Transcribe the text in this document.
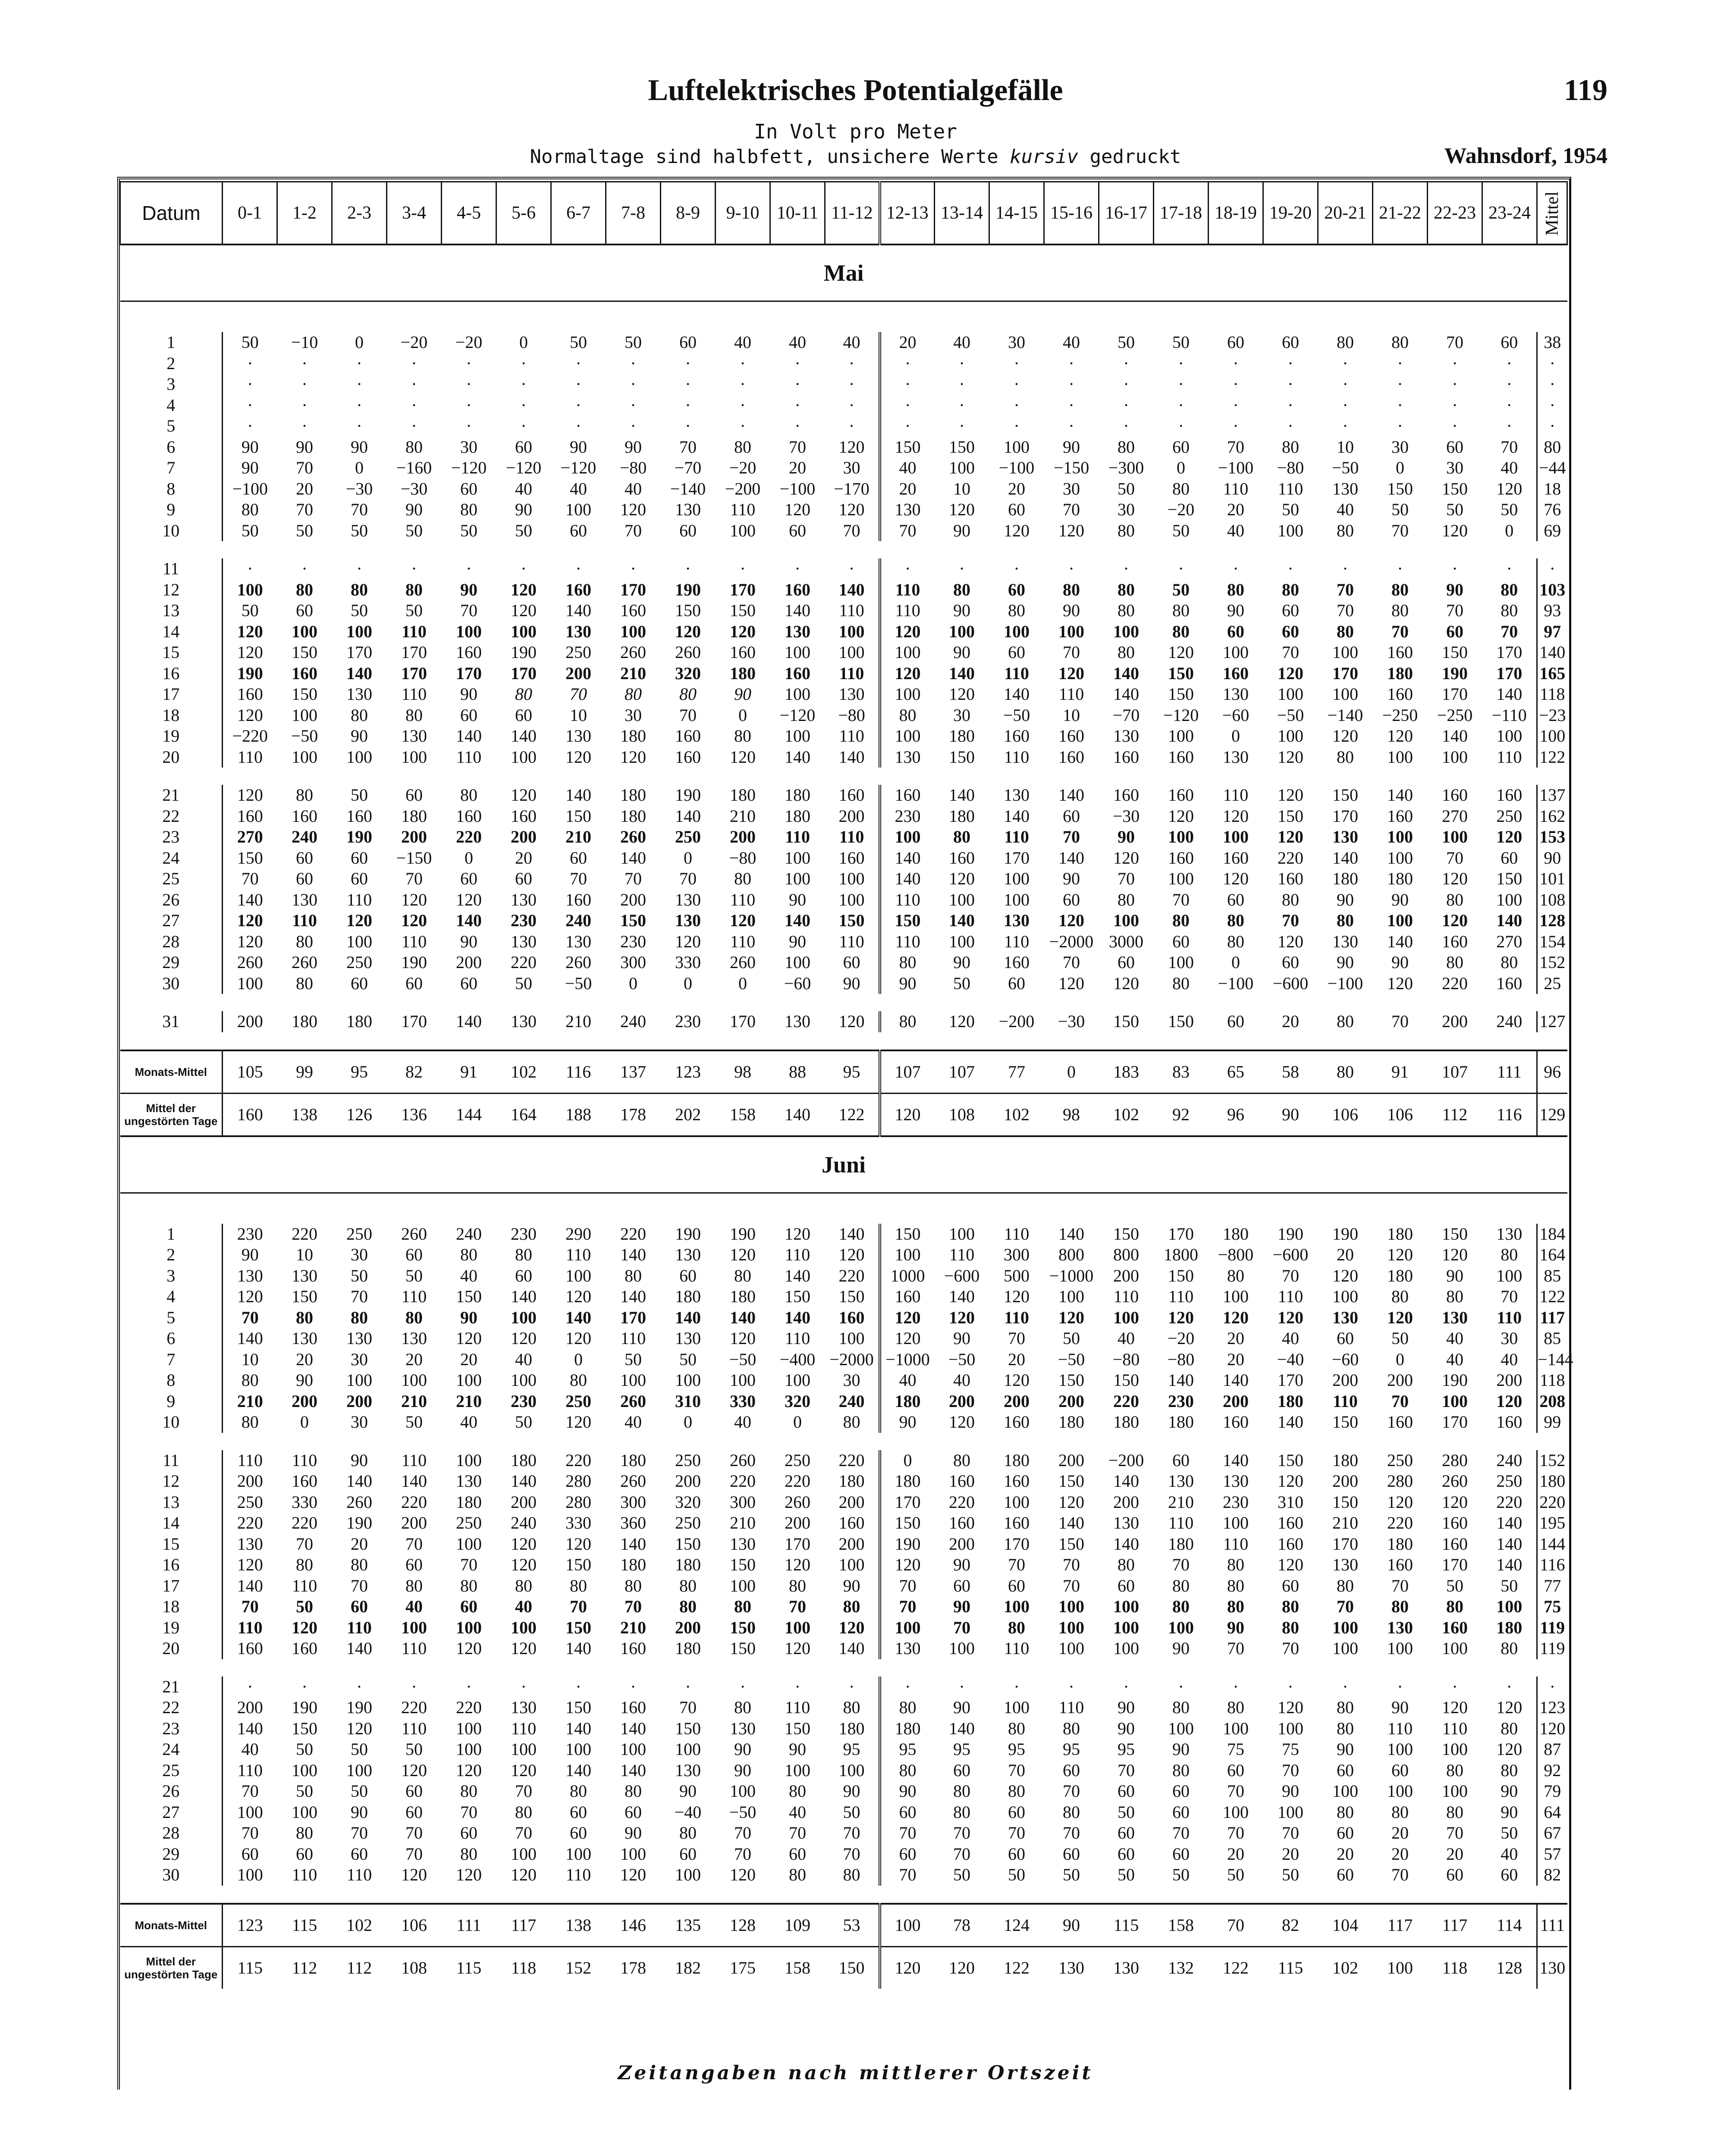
Luftelektrisches Potentialgefälle	119
In Volt pro Meter
Normaltage sind halbfett, unsichere Werte kursiv gedruckt	Wahnsdorf, 1954
Datum	0-1	1-2	2-3	3-4	4-5	5-6	6-7	7-8	8-9	9-10	10-11	11-12	12-13	13-14	14-15	15-16	16-17	17-18	18-19	19-20	20-21	21-22	22-23	23-24	Mittel
Mai																									

1	50	−10	0	−20	−20	0	50	50	60	40	40	40	20	40	30	40	50	50	60	60	80	80	70	60	38
2	·	·	·	·	·	·	·	·	·	·	·	·	·	·	·	·	·	·	·	·	·	·	·	·	·
3	·	·	·	·	·	·	·	·	·	·	·	·	·	·	·	·	·	·	·	·	·	·	·	·	·
4	·	·	·	·	·	·	·	·	·	·	·	·	·	·	·	·	·	·	·	·	·	·	·	·	·
5	·	·	·	·	·	·	·	·	·	·	·	·	·	·	·	·	·	·	·	·	·	·	·	·	·
6	90	90	90	80	30	60	90	90	70	80	70	120	150	150	100	90	80	60	70	80	10	30	60	70	80
7	90	70	0	−160	−120	−120	−120	−80	−70	−20	20	30	40	100	−100	−150	−300	0	−100	−80	−50	0	30	40	−44
8	−100	20	−30	−30	60	40	40	40	−140	−200	−100	−170	20	10	20	30	50	80	110	110	130	150	150	120	18
9	80	70	70	90	80	90	100	120	130	110	120	120	130	120	60	70	30	−20	20	50	40	50	50	50	76
10	50	50	50	50	50	50	60	70	60	100	60	70	70	90	120	120	80	50	40	100	80	70	120	0	69

11	·	·	·	·	·	·	·	·	·	·	·	·	·	·	·	·	·	·	·	·	·	·	·	·	·
12	100	80	80	80	90	120	160	170	190	170	160	140	110	80	60	80	80	50	80	80	70	80	90	80	103
13	50	60	50	50	70	120	140	160	150	150	140	110	110	90	80	90	80	80	90	60	70	80	70	80	93
14	120	100	100	110	100	100	130	100	120	120	130	100	120	100	100	100	100	80	60	60	80	70	60	70	97
15	120	150	170	170	160	190	250	260	260	160	100	100	100	90	60	70	80	120	100	70	100	160	150	170	140
16	190	160	140	170	170	170	200	210	320	180	160	110	120	140	110	120	140	150	160	120	170	180	190	170	165
17	160	150	130	110	90	80	70	80	80	90	100	130	100	120	140	110	140	150	130	100	100	160	170	140	118
18	120	100	80	80	60	60	10	30	70	0	−120	−80	80	30	−50	10	−70	−120	−60	−50	−140	−250	−250	−110	−23
19	−220	−50	90	130	140	140	130	180	160	80	100	110	100	180	160	160	130	100	0	100	120	120	140	100	100
20	110	100	100	100	110	100	120	120	160	120	140	140	130	150	110	160	160	160	130	120	80	100	100	110	122

21	120	80	50	60	80	120	140	180	190	180	180	160	160	140	130	140	160	160	110	120	150	140	160	160	137
22	160	160	160	180	160	160	150	180	140	210	180	200	230	180	140	60	−30	120	120	150	170	160	270	250	162
23	270	240	190	200	220	200	210	260	250	200	110	110	100	80	110	70	90	100	100	120	130	100	100	120	153
24	150	60	60	−150	0	20	60	140	0	−80	100	160	140	160	170	140	120	160	160	220	140	100	70	60	90
25	70	60	60	70	60	60	70	70	70	80	100	100	140	120	100	90	70	100	120	160	180	180	120	150	101
26	140	130	110	120	120	130	160	200	130	110	90	100	110	100	100	60	80	70	60	80	90	90	80	100	108
27	120	110	120	120	140	230	240	150	130	120	140	150	150	140	130	120	100	80	80	70	80	100	120	140	128
28	120	80	100	110	90	130	130	230	120	110	90	110	110	100	110	−2000	3000	60	80	120	130	140	160	270	154
29	260	260	250	190	200	220	260	300	330	260	100	60	80	90	160	70	60	100	0	60	90	90	80	80	152
30	100	80	60	60	60	50	−50	0	0	0	−60	90	90	50	60	120	120	80	−100	−600	−100	120	220	160	25

31	200	180	180	170	140	130	210	240	230	170	130	120	80	120	−200	−30	150	150	60	20	80	70	200	240	127

Monats-Mittel	105	99	95	82	91	102	116	137	123	98	88	95	107	107	77	0	183	83	65	58	80	91	107	111	96
Mittel der ungestörten Tage	160	138	126	136	144	164	188	178	202	158	140	122	120	108	102	98	102	92	96	90	106	106	112	116	129
Juni																									

1	230	220	250	260	240	230	290	220	190	190	120	140	150	100	110	140	150	170	180	190	190	180	150	130	184
2	90	10	30	60	80	80	110	140	130	120	110	120	100	110	300	800	800	1800	−800	−600	20	120	120	80	164
3	130	130	50	50	40	60	100	80	60	80	140	220	1000	−600	500	−1000	200	150	80	70	120	180	90	100	85
4	120	150	70	110	150	140	120	140	180	180	150	150	160	140	120	100	110	110	100	110	100	80	80	70	122
5	70	80	80	80	90	100	140	170	140	140	140	160	120	120	110	120	100	120	120	120	130	120	130	110	117
6	140	130	130	130	120	120	120	110	130	120	110	100	120	90	70	50	40	−20	20	40	60	50	40	30	85
7	10	20	30	20	20	40	0	50	50	−50	−400	−2000	−1000	−50	20	−50	−80	−80	20	−40	−60	0	40	40	−144
8	80	90	100	100	100	100	80	100	100	100	100	30	40	40	120	150	150	140	140	170	200	200	190	200	118
9	210	200	200	210	210	230	250	260	310	330	320	240	180	200	200	200	220	230	200	180	110	70	100	120	208
10	80	0	30	50	40	50	120	40	0	40	0	80	90	120	160	180	180	180	160	140	150	160	170	160	99

11	110	110	90	110	100	180	220	180	250	260	250	220	0	80	180	200	−200	60	140	150	180	250	280	240	152
12	200	160	140	140	130	140	280	260	200	220	220	180	180	160	160	150	140	130	130	120	200	280	260	250	180
13	250	330	260	220	180	200	280	300	320	300	260	200	170	220	100	120	200	210	230	310	150	120	120	220	220
14	220	220	190	200	250	240	330	360	250	210	200	160	150	160	160	140	130	110	100	160	210	220	160	140	195
15	130	70	20	70	100	120	120	140	150	130	170	200	190	200	170	150	140	180	110	160	170	180	160	140	144
16	120	80	80	60	70	120	150	180	180	150	120	100	120	90	70	70	80	70	80	120	130	160	170	140	116
17	140	110	70	80	80	80	80	80	80	100	80	90	70	60	60	70	60	80	80	60	80	70	50	50	77
18	70	50	60	40	60	40	70	70	80	80	70	80	70	90	100	100	100	80	80	80	70	80	80	100	75
19	110	120	110	100	100	100	150	210	200	150	100	120	100	70	80	100	100	100	90	80	100	130	160	180	119
20	160	160	140	110	120	120	140	160	180	150	120	140	130	100	110	100	100	90	70	70	100	100	100	80	119

21	·	·	·	·	·	·	·	·	·	·	·	·	·	·	·	·	·	·	·	·	·	·	·	·	·
22	200	190	190	220	220	130	150	160	70	80	110	80	80	90	100	110	90	80	80	120	80	90	120	120	123
23	140	150	120	110	100	110	140	140	150	130	150	180	180	140	80	80	90	100	100	100	80	110	110	80	120
24	40	50	50	50	100	100	100	100	100	90	90	95	95	95	95	95	95	90	75	75	90	100	100	120	87
25	110	100	100	120	120	120	140	140	130	90	100	100	80	60	70	60	70	80	60	70	60	60	80	80	92
26	70	50	50	60	80	70	80	80	90	100	80	90	90	80	80	70	60	60	70	90	100	100	100	90	79
27	100	100	90	60	70	80	60	60	−40	−50	40	50	60	80	60	80	50	60	100	100	80	80	80	90	64
28	70	80	70	70	60	70	60	90	80	70	70	70	70	70	70	70	60	70	70	70	60	20	70	50	67
29	60	60	60	70	80	100	100	100	60	70	60	70	60	70	60	60	60	60	20	20	20	20	20	40	57
30	100	110	110	120	120	120	110	120	100	120	80	80	70	50	50	50	50	50	50	50	60	70	60	60	82

Monats-Mittel	123	115	102	106	111	117	138	146	135	128	109	53	100	78	124	90	115	158	70	82	104	117	117	114	111
Mittel der ungestörten Tage	115	112	112	108	115	118	152	178	182	175	158	150	120	120	122	130	130	132	122	115	102	100	118	128	130
Zeitangaben nach mittlerer Ortszeit
